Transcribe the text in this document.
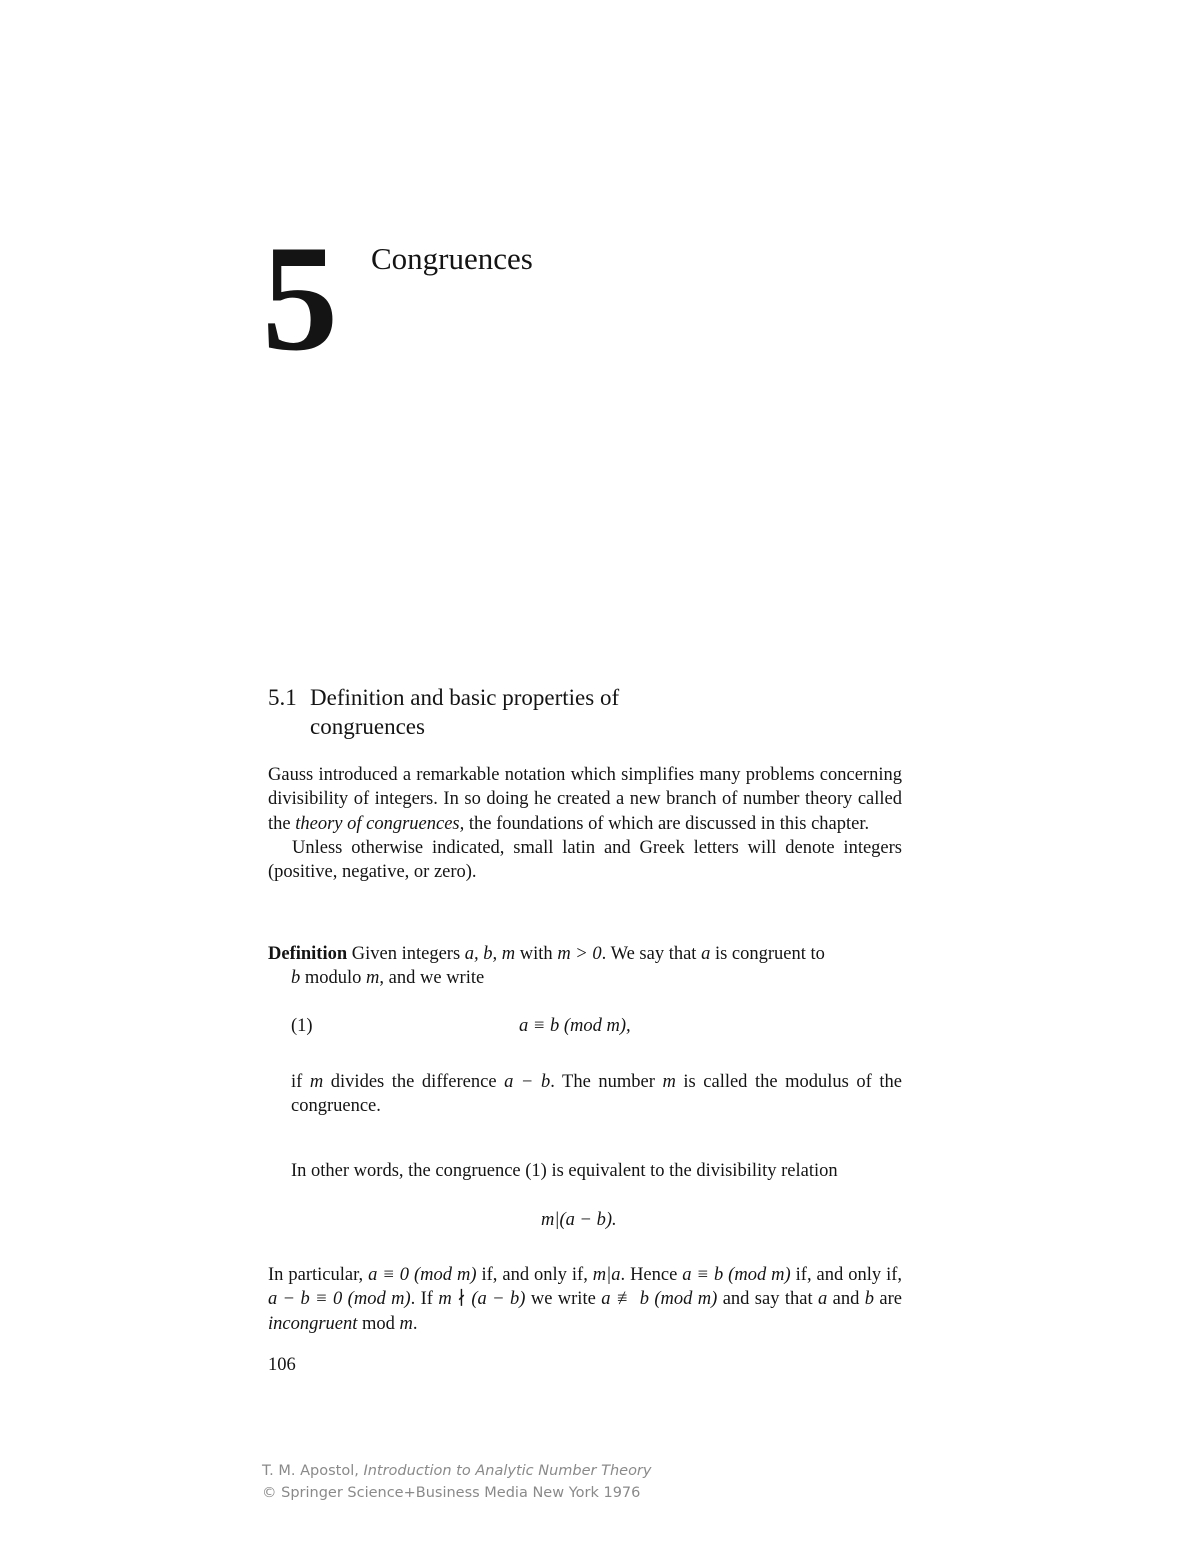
5 Congruences
5.1 Definition and basic properties of
congruences

Gauss introduced a remarkable notation which simplifies many problems concerning divisibility of integers. In so doing he created a new branch of number theory called the theory of congruences, the foundations of which are discussed in this chapter.

Unless otherwise indicated, small latin and Greek letters will denote integers (positive, negative, or zero).

Definition Given integers a, b, m with m > 0. We say that a is congruent to
b modulo m, and we write
(1)	a ≡ b (mod m),

if m divides the difference a − b. The number m is called the modulus of the congruence.

In other words, the congruence (1) is equivalent to the divisibility relation
m|(a − b).

In particular, a ≡ 0 (mod m) if, and only if, m|a. Hence a ≡ b (mod m) if, and only if, a − b ≡ 0 (mod m). If m ∤ (a − b) we write a ≢ b (mod m) and say that a and b are incongruent mod m.

106
T. M. Apostol, Introduction to Analytic Number Theory
© Springer Science+Business Media New York 1976
